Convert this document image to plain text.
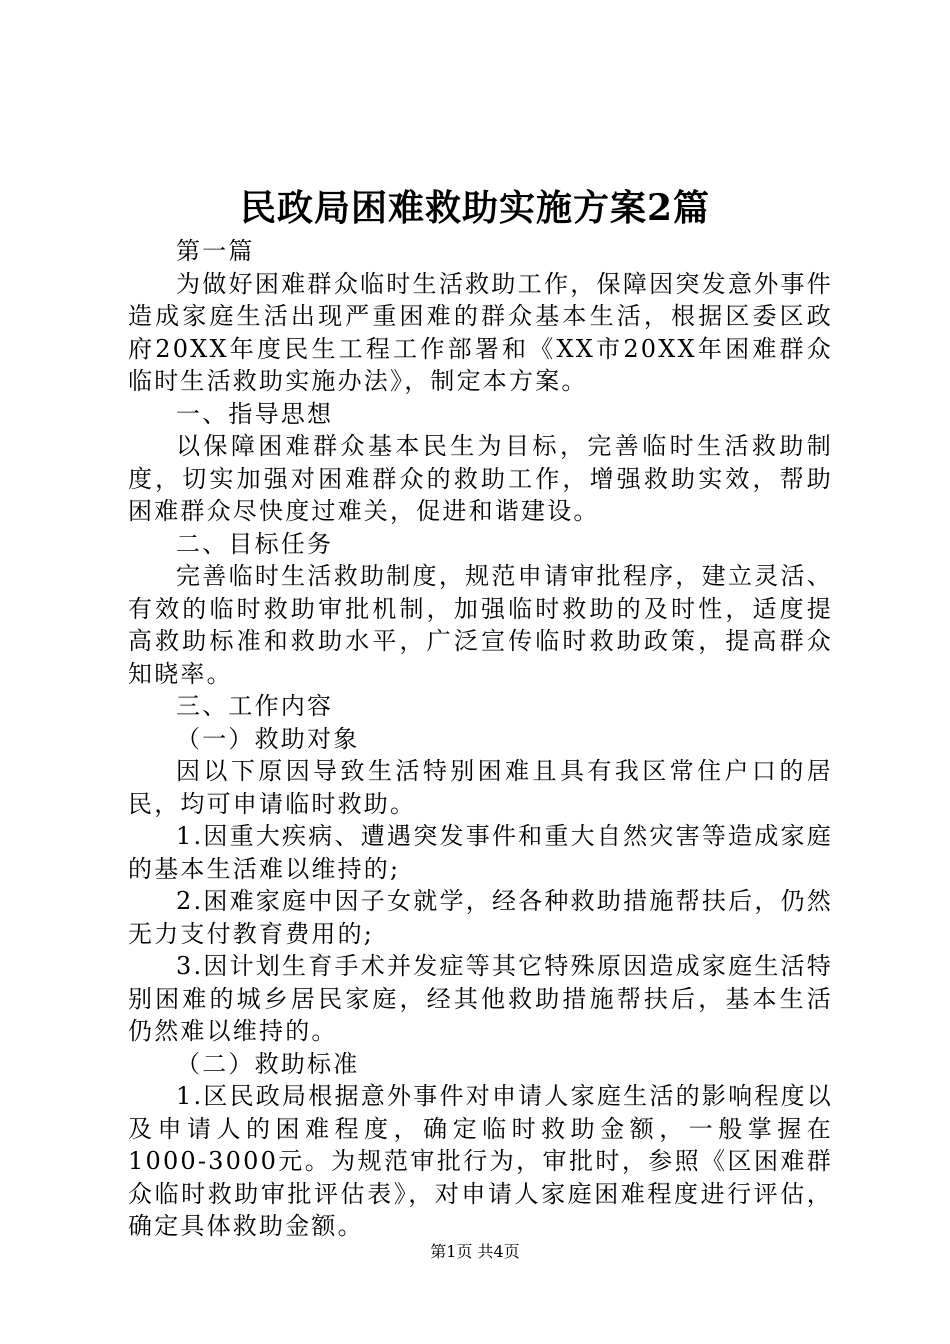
民政局困难救助实施方案2篇

第一篇

为做好困难群众临时生活救助工作，保障因突发意外事件造成家庭生活出现严重困难的群众基本生活，根据区委区政府20XX年度民生工程工作部署和《XX市20XX年困难群众临时生活救助实施办法》，制定本方案。

一、指导思想

以保障困难群众基本民生为目标，完善临时生活救助制度，切实加强对困难群众的救助工作，增强救助实效，帮助困难群众尽快度过难关，促进和谐建设。

二、目标任务

完善临时生活救助制度，规范申请审批程序，建立灵活、有效的临时救助审批机制，加强临时救助的及时性，适度提高救助标准和救助水平，广泛宣传临时救助政策，提高群众知晓率。

三、工作内容

（一）救助对象

因以下原因导致生活特别困难且具有我区常住户口的居民，均可申请临时救助。

1.因重大疾病、遭遇突发事件和重大自然灾害等造成家庭的基本生活难以维持的;

2.困难家庭中因子女就学，经各种救助措施帮扶后，仍然无力支付教育费用的;

3.因计划生育手术并发症等其它特殊原因造成家庭生活特别困难的城乡居民家庭，经其他救助措施帮扶后，基本生活仍然难以维持的。

（二）救助标准

1.区民政局根据意外事件对申请人家庭生活的影响程度以及申请人的困难程度，确定临时救助金额，一般掌握在1000-3000元。为规范审批行为，审批时，参照《区困难群众临时救助审批评估表》，对申请人家庭困难程度进行评估，确定具体救助金额。

第1页 共4页
